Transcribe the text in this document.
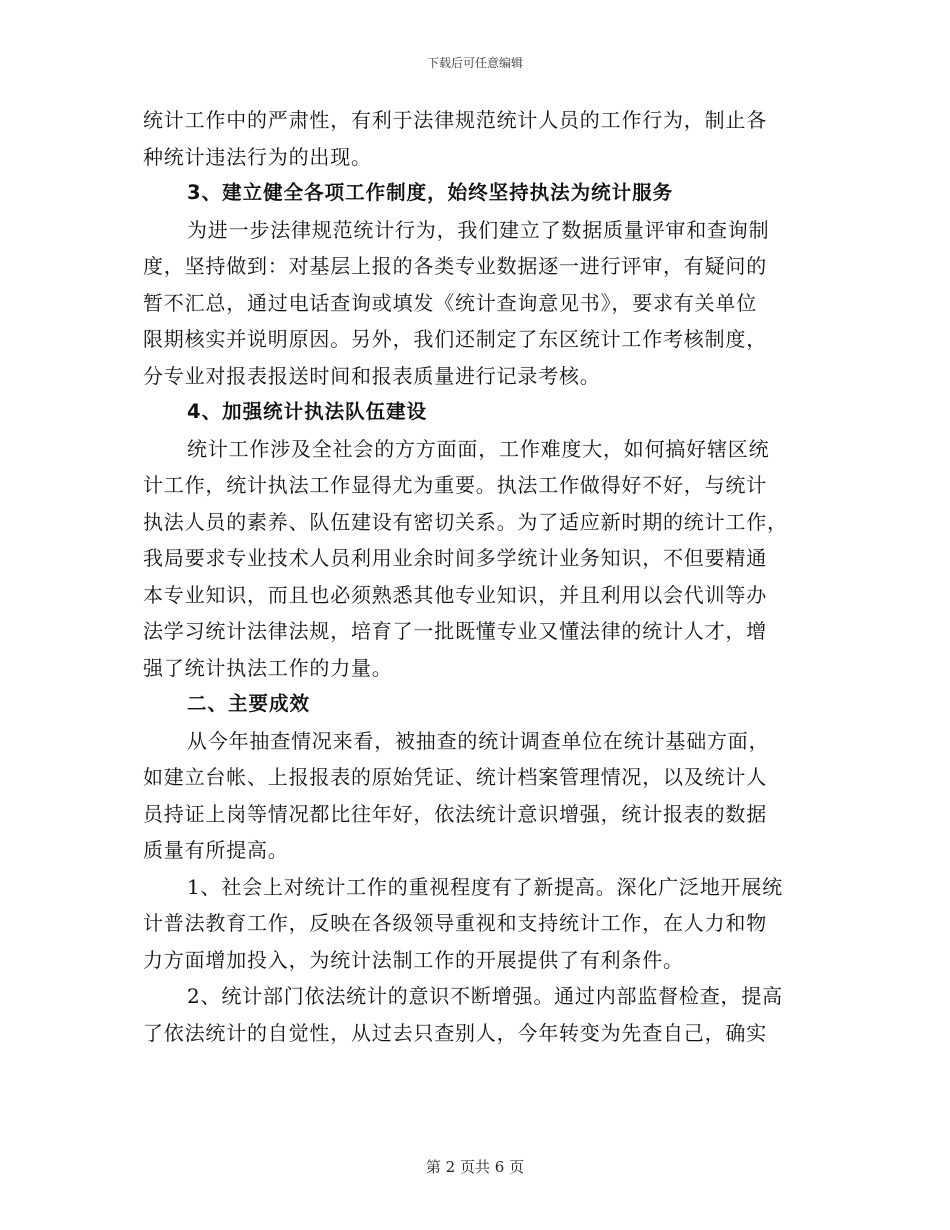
下载后可任意编辑
统计工作中的严肃性，有利于法律规范统计人员的工作行为，制止各
种统计违法行为的出现。
3、建立健全各项工作制度，始终坚持执法为统计服务
为进一步法律规范统计行为，我们建立了数据质量评审和查询制
度，坚持做到：对基层上报的各类专业数据逐一进行评审，有疑问的
暂不汇总，通过电话查询或填发《统计查询意见书》，要求有关单位
限期核实并说明原因。另外，我们还制定了东区统计工作考核制度，
分专业对报表报送时间和报表质量进行记录考核。
4、加强统计执法队伍建设
统计工作涉及全社会的方方面面，工作难度大，如何搞好辖区统
计工作，统计执法工作显得尤为重要。执法工作做得好不好，与统计
执法人员的素养、队伍建设有密切关系。为了适应新时期的统计工作，
我局要求专业技术人员利用业余时间多学统计业务知识，不但要精通
本专业知识，而且也必须熟悉其他专业知识，并且利用以会代训等办
法学习统计法律法规，培育了一批既懂专业又懂法律的统计人才，增
强了统计执法工作的力量。
二、主要成效
从今年抽查情况来看，被抽查的统计调查单位在统计基础方面，
如建立台帐、上报报表的原始凭证、统计档案管理情况，以及统计人
员持证上岗等情况都比往年好，依法统计意识增强，统计报表的数据
质量有所提高。
1、社会上对统计工作的重视程度有了新提高。深化广泛地开展统
计普法教育工作，反映在各级领导重视和支持统计工作，在人力和物
力方面增加投入，为统计法制工作的开展提供了有利条件。
2、统计部门依法统计的意识不断增强。通过内部监督检查，提高
了依法统计的自觉性，从过去只查别人，今年转变为先查自己，确实
第 2 页共 6 页
